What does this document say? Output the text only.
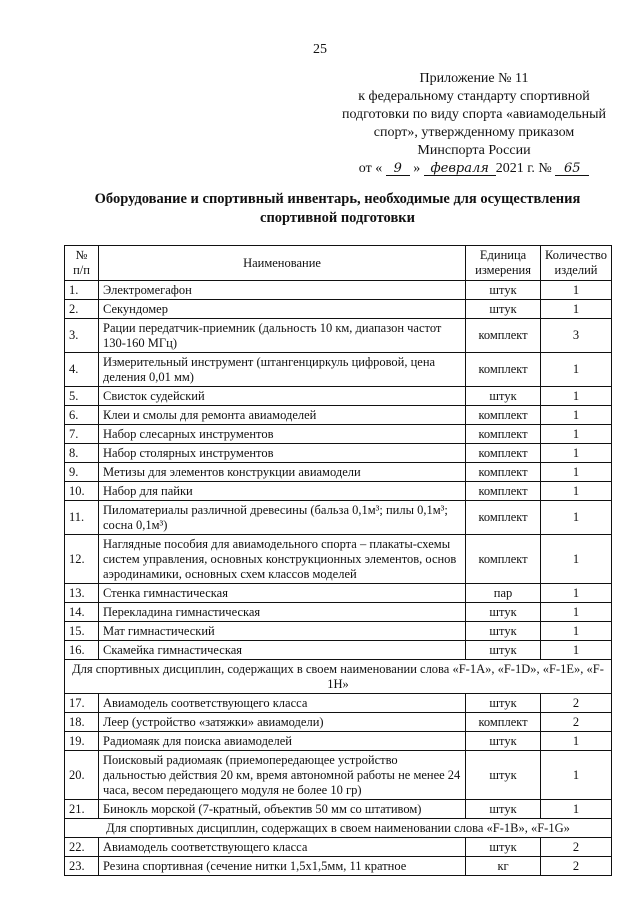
25
Приложение № 11
к федеральному стандарту спортивной
подготовки по виду спорта «авиамодельный
спорт», утвержденному приказом
Минспорта России
от « 9 » февраля 2021 г. № 65
Оборудование и спортивный инвентарь, необходимые для осуществления спортивной подготовки
№ п/п	Наименование	Единица измерения	Количество изделий
1.	Электромегафон	штук	1
2.	Секундомер	штук	1
3.	Рации передатчик-приемник (дальность 10 км, диапазон частот 130-160 МГц)	комплект	3
4.	Измерительный инструмент (штангенциркуль цифровой, цена деления 0,01 мм)	комплект	1
5.	Свисток судейский	штук	1
6.	Клеи и смолы для ремонта авиамоделей	комплект	1
7.	Набор слесарных инструментов	комплект	1
8.	Набор столярных инструментов	комплект	1
9.	Метизы для элементов конструкции авиамодели	комплект	1
10.	Набор для пайки	комплект	1
11.	Пиломатериалы различной древесины (бальза 0,1м³; пилы 0,1м³; сосна 0,1м³)	комплект	1
12.	Наглядные пособия для авиамодельного спорта – плакаты-схемы систем управления, основных конструкционных элементов, основ аэродинамики, основных схем классов моделей	комплект	1
13.	Стенка гимнастическая	пар	1
14.	Перекладина гимнастическая	штук	1
15.	Мат гимнастический	штук	1
16.	Скамейка гимнастическая	штук	1
Для спортивных дисциплин, содержащих в своем наименовании слова «F-1A», «F-1D», «F-1E», «F-1H»			
17.	Авиамодель соответствующего класса	штук	2
18.	Леер (устройство «затяжки» авиамодели)	комплект	2
19.	Радиомаяк для поиска авиамоделей	штук	1
20.	Поисковый радиомаяк (приемопередающее устройство дальностью действия 20 км, время автономной работы не менее 24 часа, весом передающего модуля не более 10 гр)	штук	1
21.	Бинокль морской (7-кратный, объектив 50 мм со штативом)	штук	1
Для спортивных дисциплин, содержащих в своем наименовании слова «F-1B», «F-1G»			
22.	Авиамодель соответствующего класса	штук	2
23.	Резина спортивная (сечение нитки 1,5x1,5мм, 11 кратное	кг	2
